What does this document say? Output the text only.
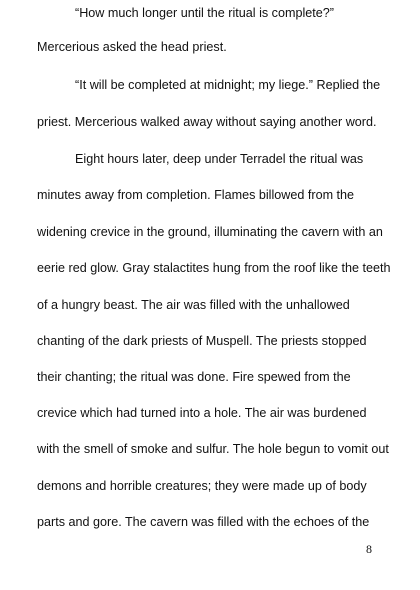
“How much longer until the ritual is complete?”

Mercerious asked the head priest.

“It will be completed at midnight; my liege.” Replied the

priest. Mercerious walked away without saying another word.

Eight hours later, deep under Terradel the ritual was

minutes away from completion. Flames billowed from the

widening crevice in the ground, illuminating the cavern with an

eerie red glow. Gray stalactites hung from the roof like the teeth

of a hungry beast. The air was filled with the unhallowed

chanting of the dark priests of Muspell. The priests stopped

their chanting; the ritual was done. Fire spewed from the

crevice which had turned into a hole. The air was burdened

with the smell of smoke and sulfur. The hole begun to vomit out

demons and horrible creatures; they were made up of body

parts and gore. The cavern was filled with the echoes of the

8
